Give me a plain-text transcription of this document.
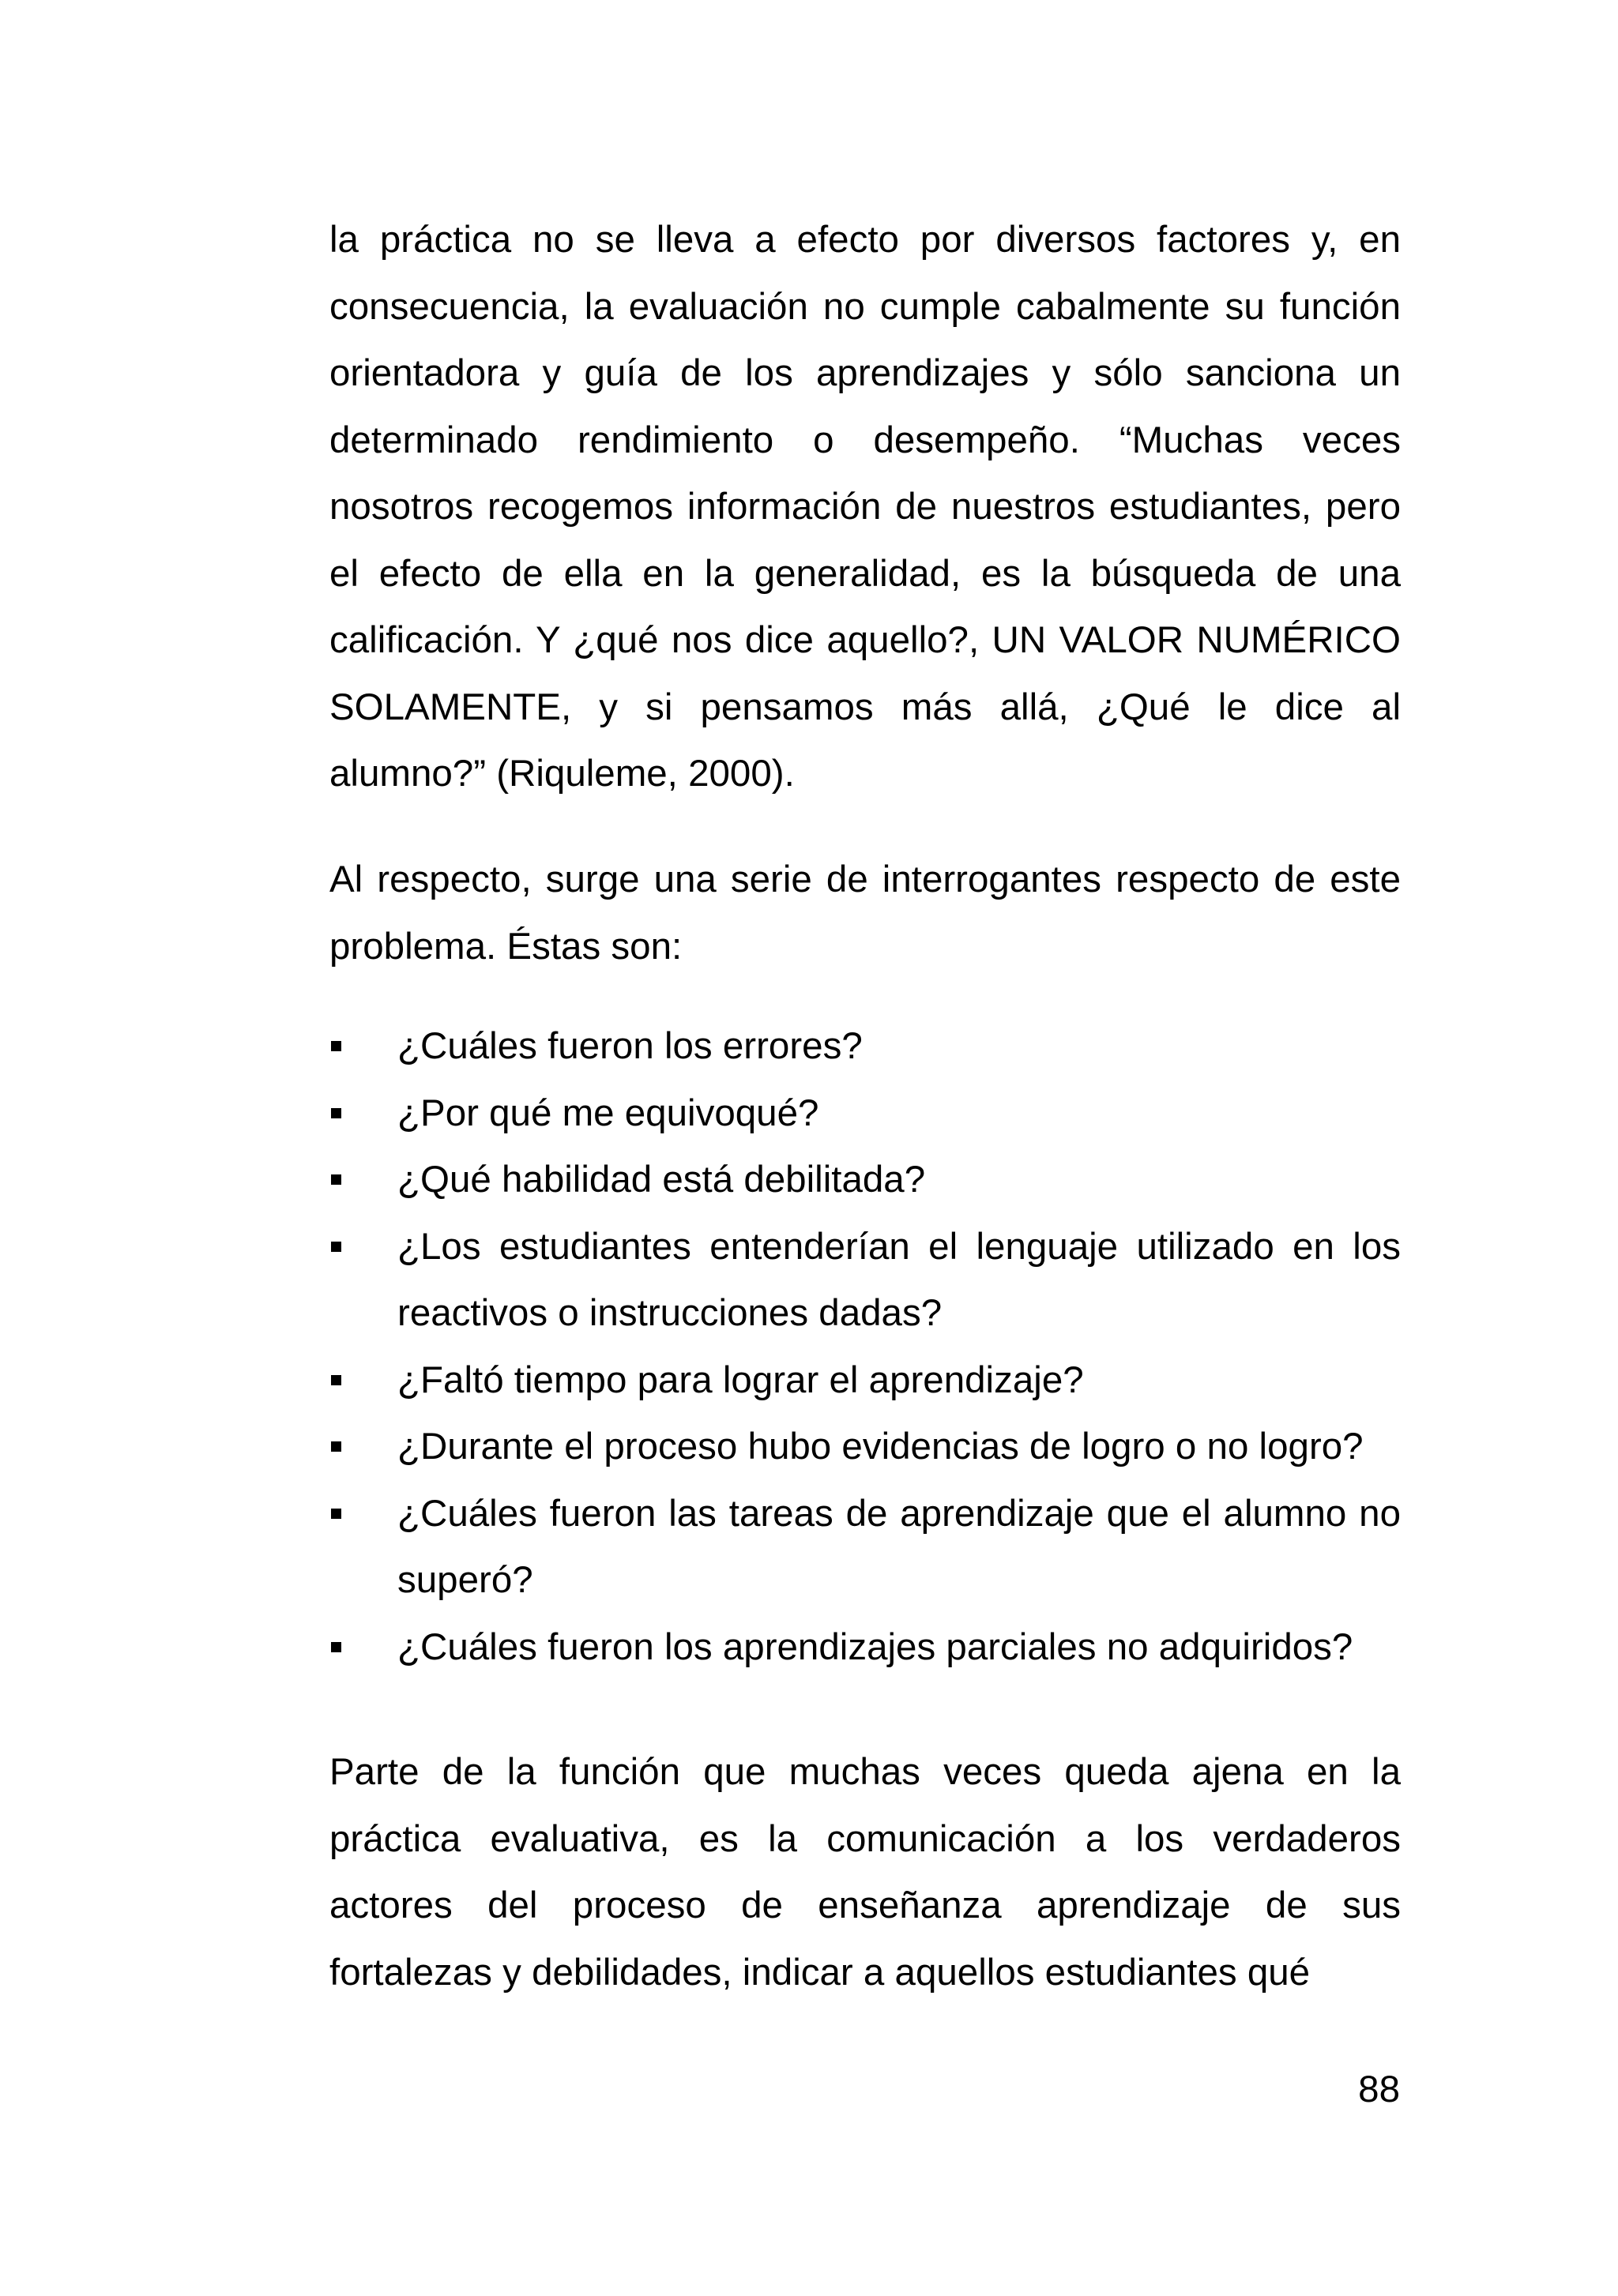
la práctica no se lleva a efecto por diversos factores y, en consecuencia, la evaluación no cumple cabalmente su función orientadora y guía de los aprendizajes y sólo sanciona un determinado rendimiento o desempeño. “Muchas veces nosotros recogemos información de nuestros estudiantes, pero el efecto de ella en la generalidad, es la búsqueda de una calificación. Y ¿qué nos dice aquello?, UN VALOR NUMÉRICO SOLAMENTE, y si pensamos más allá, ¿Qué le dice al alumno?” (Riquleme, 2000).

Al respecto, surge una serie de interrogantes respecto de este problema. Éstas son:

¿Cuáles fueron los errores?
¿Por qué me equivoqué?
¿Qué habilidad está debilitada?
¿Los estudiantes entenderían el lenguaje utilizado en los reactivos o instrucciones dadas?
¿Faltó tiempo para lograr el aprendizaje?
¿Durante el proceso hubo evidencias de logro o no logro?
¿Cuáles fueron las tareas de aprendizaje que el alumno no superó?
¿Cuáles fueron los aprendizajes parciales no adquiridos?

Parte de la función que muchas veces queda ajena en la práctica evaluativa, es la comunicación a los verdaderos actores del proceso de enseñanza aprendizaje de sus fortalezas y debilidades, indicar a aquellos estudiantes qué

88
